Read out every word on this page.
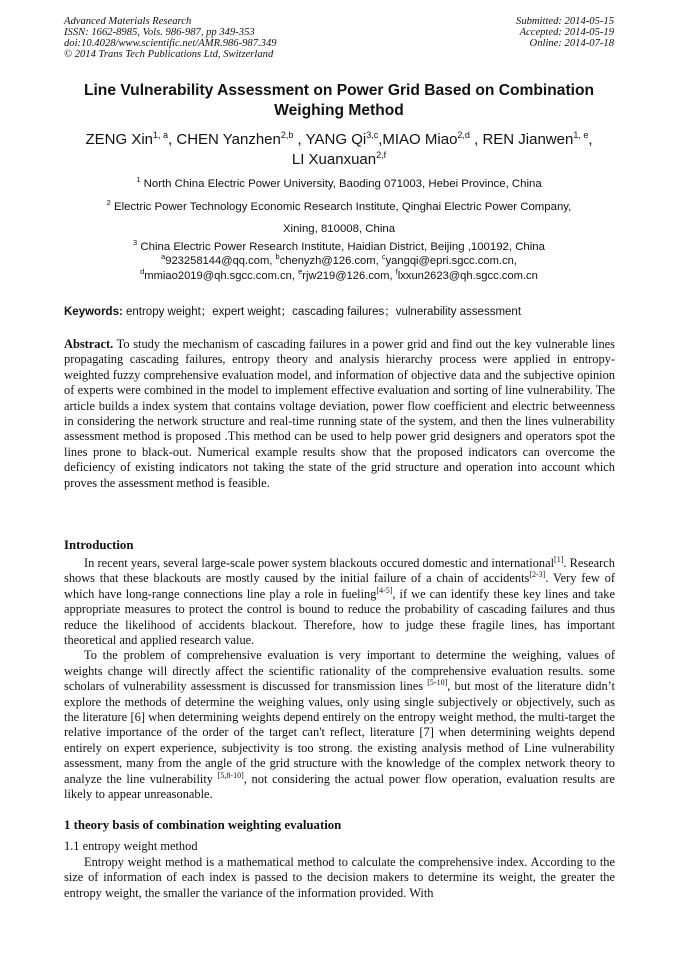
Advanced Materials Research
ISSN: 1662-8985, Vols. 986-987, pp 349-353
doi:10.4028/www.scientific.net/AMR.986-987.349
© 2014 Trans Tech Publications Ltd, Switzerland
Submitted: 2014-05-15
Accepted: 2014-05-19
Online: 2014-07-18
Line Vulnerability Assessment on Power Grid Based on Combination
Weighing Method
ZENG Xin$^{1, a}$, CHEN Yanzhen$^{2,b}$ , YANG Qi$^{3,c}$,MIAO Miao$^{2,d}$ , REN Jianwen$^{1, e}$,
LI Xuanxuan$^{2,f}$
$^1$ North China Electric Power University, Baoding 071003, Hebei Province, China
$^2$ Electric Power Technology Economic Research Institute, Qinghai Electric Power Company,
Xining, 810008, China
$^3$ China Electric Power Research Institute, Haidian District, Beijing ,100192, China
$^a$923258144@qq.com, $^b$chenyzh@126.com, $^c$yangqi@epri.sgcc.com.cn,
$^d$mmiao2019@qh.sgcc.com.cn, $^e$rjw219@126.com, $^f$lxxun2623@qh.sgcc.com.cn
Keywords: entropy weight；expert weight；cascading failures；vulnerability assessment

Abstract. To study the mechanism of cascading failures in a power grid and find out the key vulnerable lines propagating cascading failures, entropy theory and analysis hierarchy process were applied in entropy-weighted fuzzy comprehensive evaluation model, and information of objective data and the subjective opinion of experts were combined in the model to implement effective evaluation and sorting of line vulnerability. The article builds a index system that contains voltage deviation, power flow coefficient and electric betweenness in considering the network structure and real-time running state of the system, and then the lines vulnerability assessment method is proposed .This method can be used to help power grid designers and operators spot the lines prone to black-out. Numerical example results show that the proposed indicators can overcome the deficiency of existing indicators not taking the state of the grid structure and operation into account which proves the assessment method is feasible.

Introduction

In recent years, several large-scale power system blackouts occured domestic and international[1]. Research shows that these blackouts are mostly caused by the initial failure of a chain of accidents[2-3]. Very few of which have long-range connections line play a role in fueling[4-5], if we can identify these key lines and take appropriate measures to protect the control is bound to reduce the probability of cascading failures and thus reduce the likelihood of accidents blackout. Therefore, how to judge these fragile lines, has important theoretical and applied research value.

To the problem of comprehensive evaluation is very important to determine the weighing, values of weights change will directly affect the scientific rationality of the comprehensive evaluation results. some scholars of vulnerability assessment is discussed for transmission lines [5-10], but most of the literature didn’t explore the methods of determine the weighing values, only using single subjectively or objectively, such as the literature [6] when determining weights depend entirely on the entropy weight method, the multi-target the relative importance of the order of the target can't reflect, literature [7] when determining weights depend entirely on expert experience, subjectivity is too strong. the existing analysis method of Line vulnerability assessment, many from the angle of the grid structure with the knowledge of the complex network theory to analyze the line vulnerability [5,8-10], not considering the actual power flow operation, evaluation results are likely to appear unreasonable.

1 theory basis of combination weighting evaluation
1.1 entropy weight method

Entropy weight method is a mathematical method to calculate the comprehensive index. According to the size of information of each index is passed to the decision makers to determine its weight, the greater the entropy weight, the smaller the variance of the information provided. With
